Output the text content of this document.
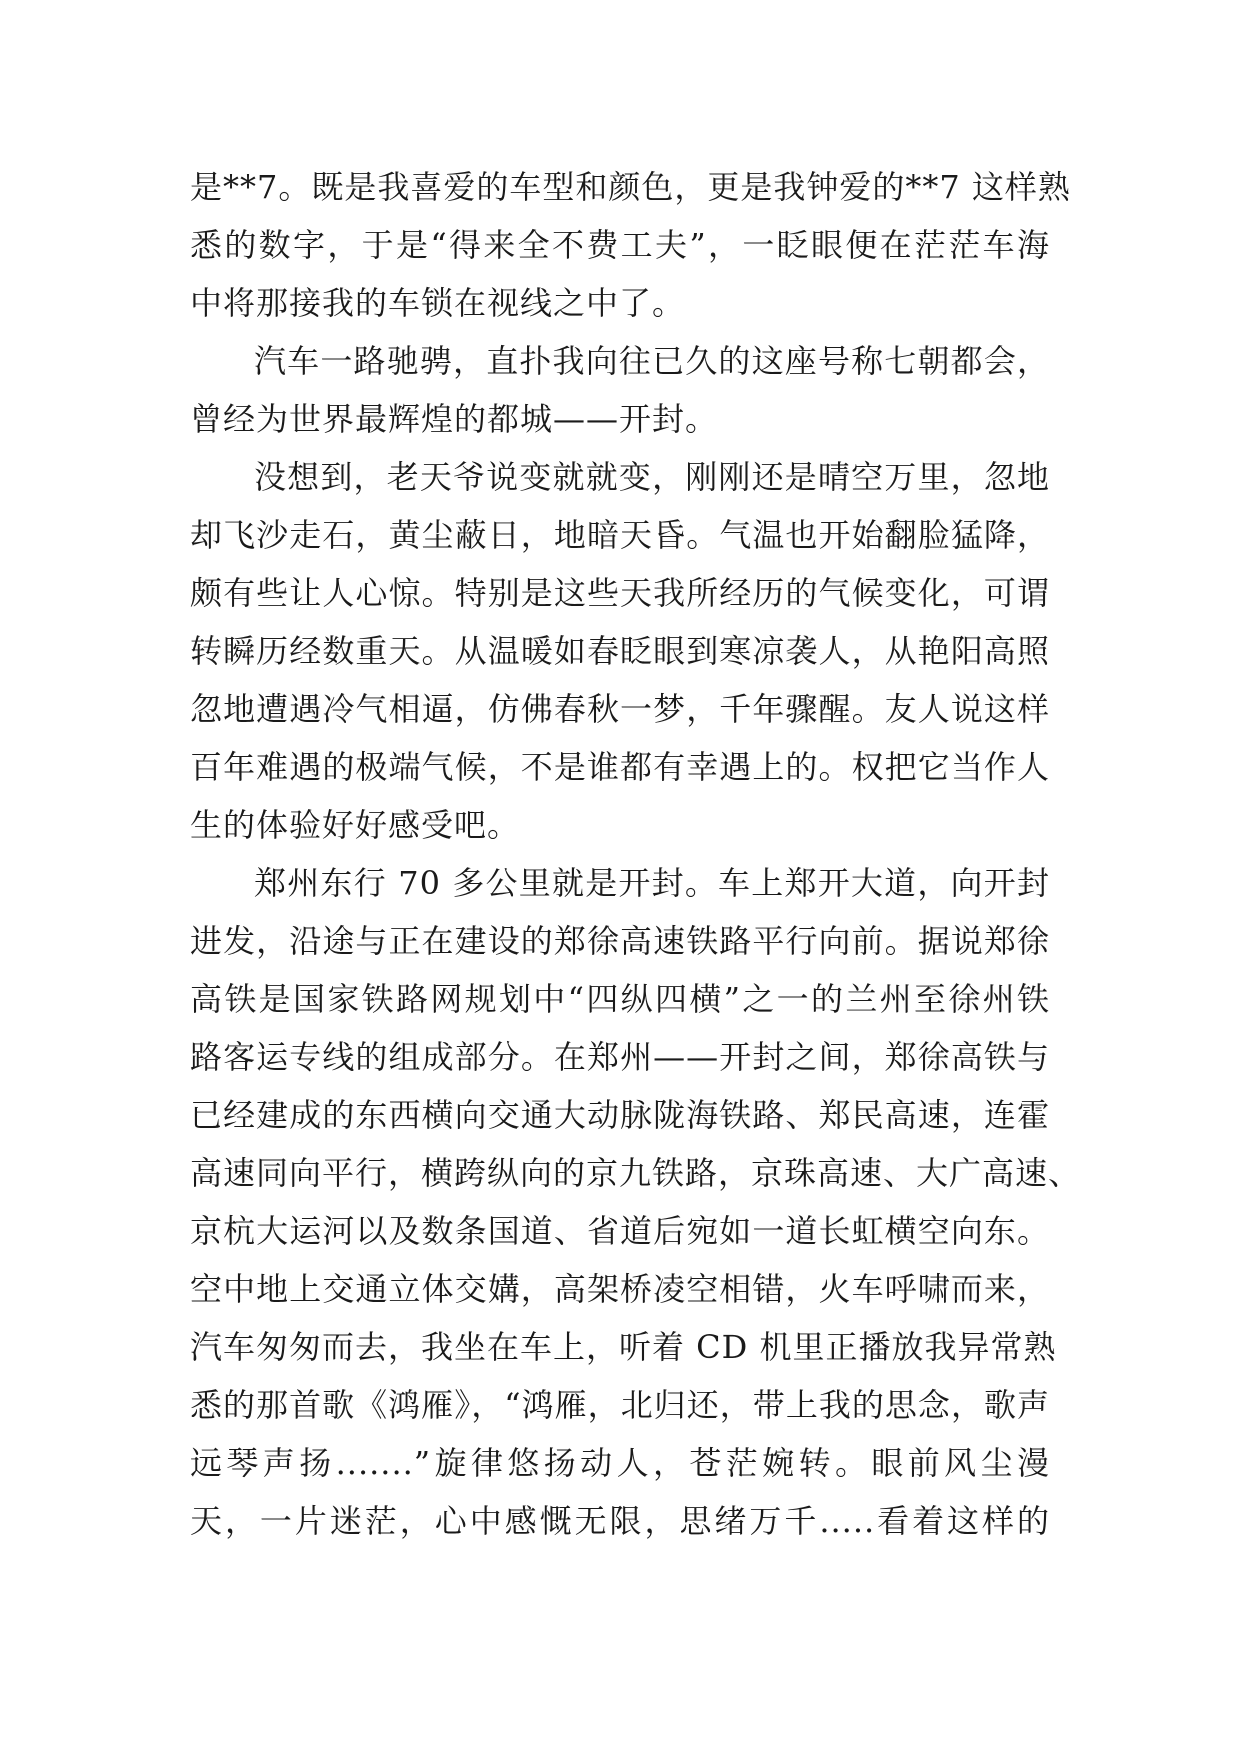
是**7。既是我喜爱的车型和颜色，更是我钟爱的**7 这样熟
悉的数字，于是“得来全不费工夫”，一眨眼便在茫茫车海
中将那接我的车锁在视线之中了。
汽车一路驰骋，直扑我向往已久的这座号称七朝都会，
曾经为世界最辉煌的都城——开封。
没想到，老天爷说变就就变，刚刚还是晴空万里，忽地
却飞沙走石，黄尘蔽日，地暗天昏。气温也开始翻脸猛降，
颇有些让人心惊。特别是这些天我所经历的气候变化，可谓
转瞬历经数重天。从温暖如春眨眼到寒凉袭人，从艳阳高照
忽地遭遇冷气相逼，仿佛春秋一梦，千年骤醒。友人说这样
百年难遇的极端气候，不是谁都有幸遇上的。权把它当作人
生的体验好好感受吧。
郑州东行 70 多公里就是开封。车上郑开大道，向开封
进发，沿途与正在建设的郑徐高速铁路平行向前。据说郑徐
高铁是国家铁路网规划中“四纵四横”之一的兰州至徐州铁
路客运专线的组成部分。在郑州——开封之间，郑徐高铁与
已经建成的东西横向交通大动脉陇海铁路、郑民高速，连霍
高速同向平行，横跨纵向的京九铁路，京珠高速、大广高速、
京杭大运河以及数条国道、省道后宛如一道长虹横空向东。
空中地上交通立体交媾，高架桥凌空相错，火车呼啸而来，
汽车匆匆而去，我坐在车上，听着 CD 机里正播放我异常熟
悉的那首歌《鸿雁》，“鸿雁，北归还，带上我的思念，歌声
远琴声扬.......”旋律悠扬动人，苍茫婉转。眼前风尘漫
天，一片迷茫，心中感慨无限，思绪万千.....看着这样的
